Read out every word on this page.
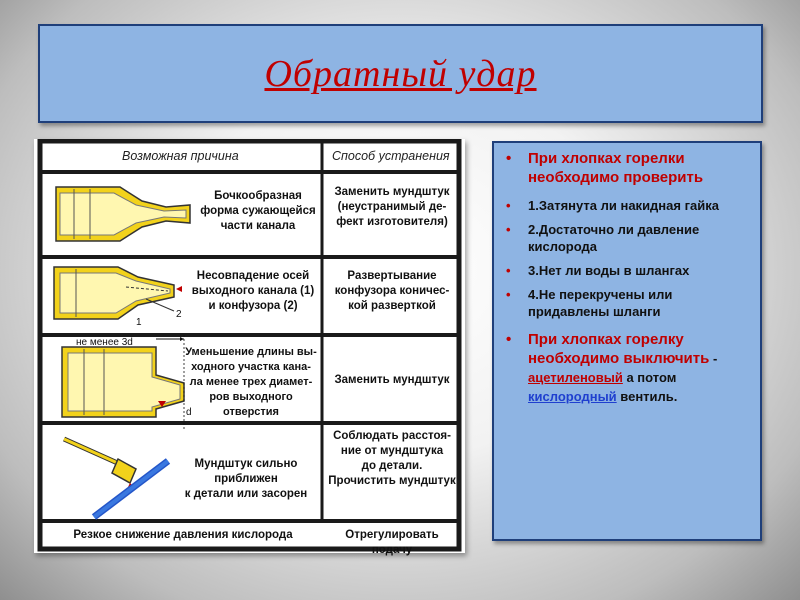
Обратный удар
Возможная причина	Способ устранения
Бочкообразная
форма сужающейся
части канала
Заменить мундштук
(неустранимый де-
фект изготовителя)
Несовпадение осей
выходного канала (1)
и конфузора (2)
Развертывание
конфузора коничес-
кой разверткой
Уменьшение длины вы-
ходного участка кана-
ла менее трех диамет-
ров выходного отверстия
Заменить мундштук
Мундштук сильно приближен
к детали или засорен
Соблюдать расстоя-
ние от мундштука
до детали.
Прочистить мундштук
Резкое снижение давления кислорода	Отрегулировать подачу
не менее 3d
d
1
2
• При хлопках горелки необходимо проверить
• 1.Затянута ли накидная гайка
• 2.Достаточно ли давление кислорода
• 3.Нет ли воды в шлангах
• 4.Не перекручены или придавлены шланги
• При хлопках горелку необходимо выключить - ацетиленовый а потом кислородный вентиль.
